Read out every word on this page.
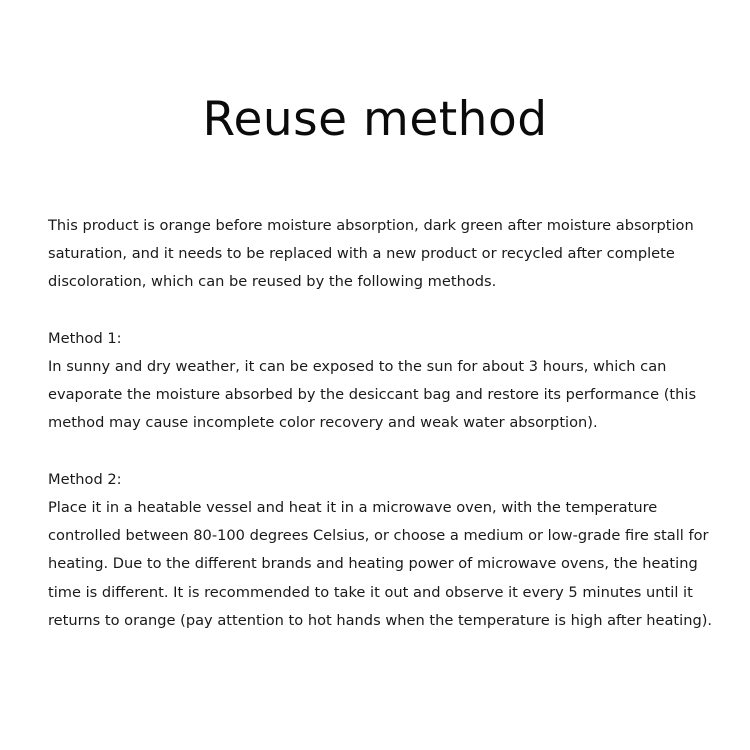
Reuse method

This product is orange before moisture absorption, dark green after moisture absorption saturation, and it needs to be replaced with a new product or recycled after complete discoloration, which can be reused by the following methods.

Method 1:

In sunny and dry weather, it can be exposed to the sun for about 3 hours, which can evaporate the moisture absorbed by the desiccant bag and restore its performance (this method may cause incomplete color recovery and weak water absorption).

Method 2:

Place it in a heatable vessel and heat it in a microwave oven, with the temperature controlled between 80-100 degrees Celsius, or choose a medium or low-grade fire stall for heating. Due to the different brands and heating power of microwave ovens, the heating time is different. It is recommended to take it out and observe it every 5 minutes until it returns to orange (pay attention to hot hands when the temperature is high after heating).
